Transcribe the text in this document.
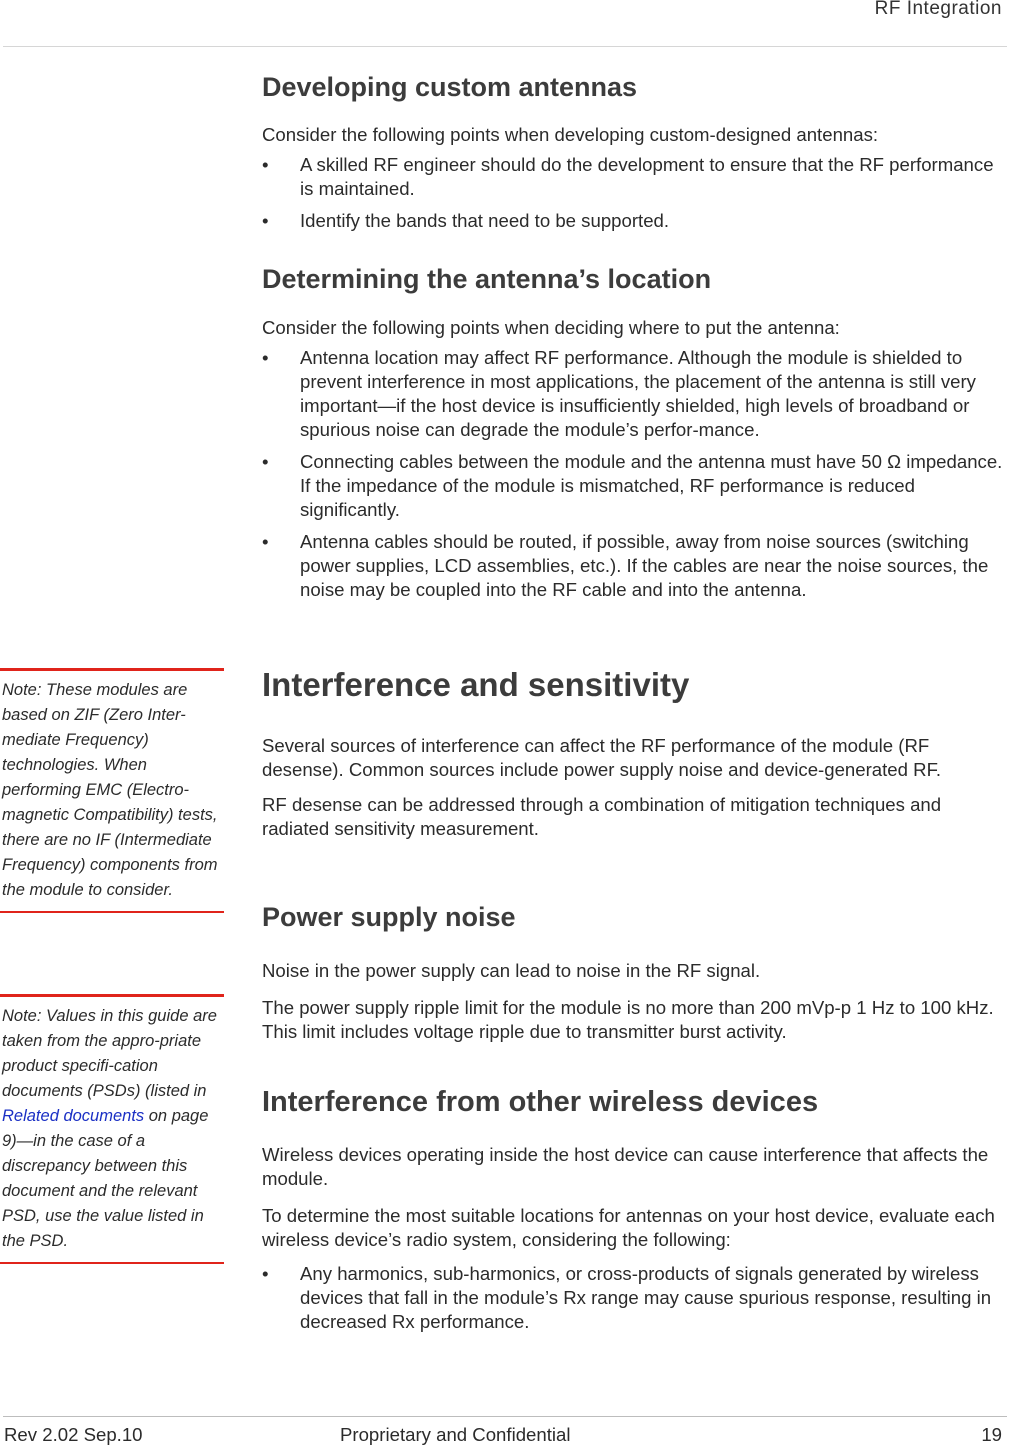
RF Integration
Note: These modules are based on ZIF (Zero Inter-mediate Frequency) technologies. When performing EMC (Electro-magnetic Compatibility) tests, there are no IF (Intermediate Frequency) components from the module to consider.
Note: Values in this guide are taken from the appro-priate product specifi-cation documents (PSDs) (listed in Related documents on page 9)—in the case of a discrepancy between this document and the relevant PSD, use the value listed in the PSD.
Developing custom antennas

Consider the following points when developing custom-designed antennas:

• A skilled RF engineer should do the development to ensure that the RF performance is maintained.
• Identify the bands that need to be supported.
Determining the antenna’s location

Consider the following points when deciding where to put the antenna:

• Antenna location may affect RF performance. Although the module is shielded to prevent interference in most applications, the placement of the antenna is still very important—if the host device is insufficiently shielded, high levels of broadband or spurious noise can degrade the module’s perfor-mance.
• Connecting cables between the module and the antenna must have 50 Ω impedance. If the impedance of the module is mismatched, RF performance is reduced significantly.
• Antenna cables should be routed, if possible, away from noise sources (switching power supplies, LCD assemblies, etc.). If the cables are near the noise sources, the noise may be coupled into the RF cable and into the antenna.
Interference and sensitivity

Several sources of interference can affect the RF performance of the module (RF desense). Common sources include power supply noise and device-generated RF.

RF desense can be addressed through a combination of mitigation techniques and radiated sensitivity measurement.

Power supply noise

Noise in the power supply can lead to noise in the RF signal.

The power supply ripple limit for the module is no more than 200 mVp-p 1 Hz to 100 kHz. This limit includes voltage ripple due to transmitter burst activity.

Interference from other wireless devices

Wireless devices operating inside the host device can cause interference that affects the module.

To determine the most suitable locations for antennas on your host device, evaluate each wireless device’s radio system, considering the following:

• Any harmonics, sub-harmonics, or cross-products of signals generated by wireless devices that fall in the module’s Rx range may cause spurious response, resulting in decreased Rx performance.
Rev 2.02 Sep.10	Proprietary and Confidential	19
